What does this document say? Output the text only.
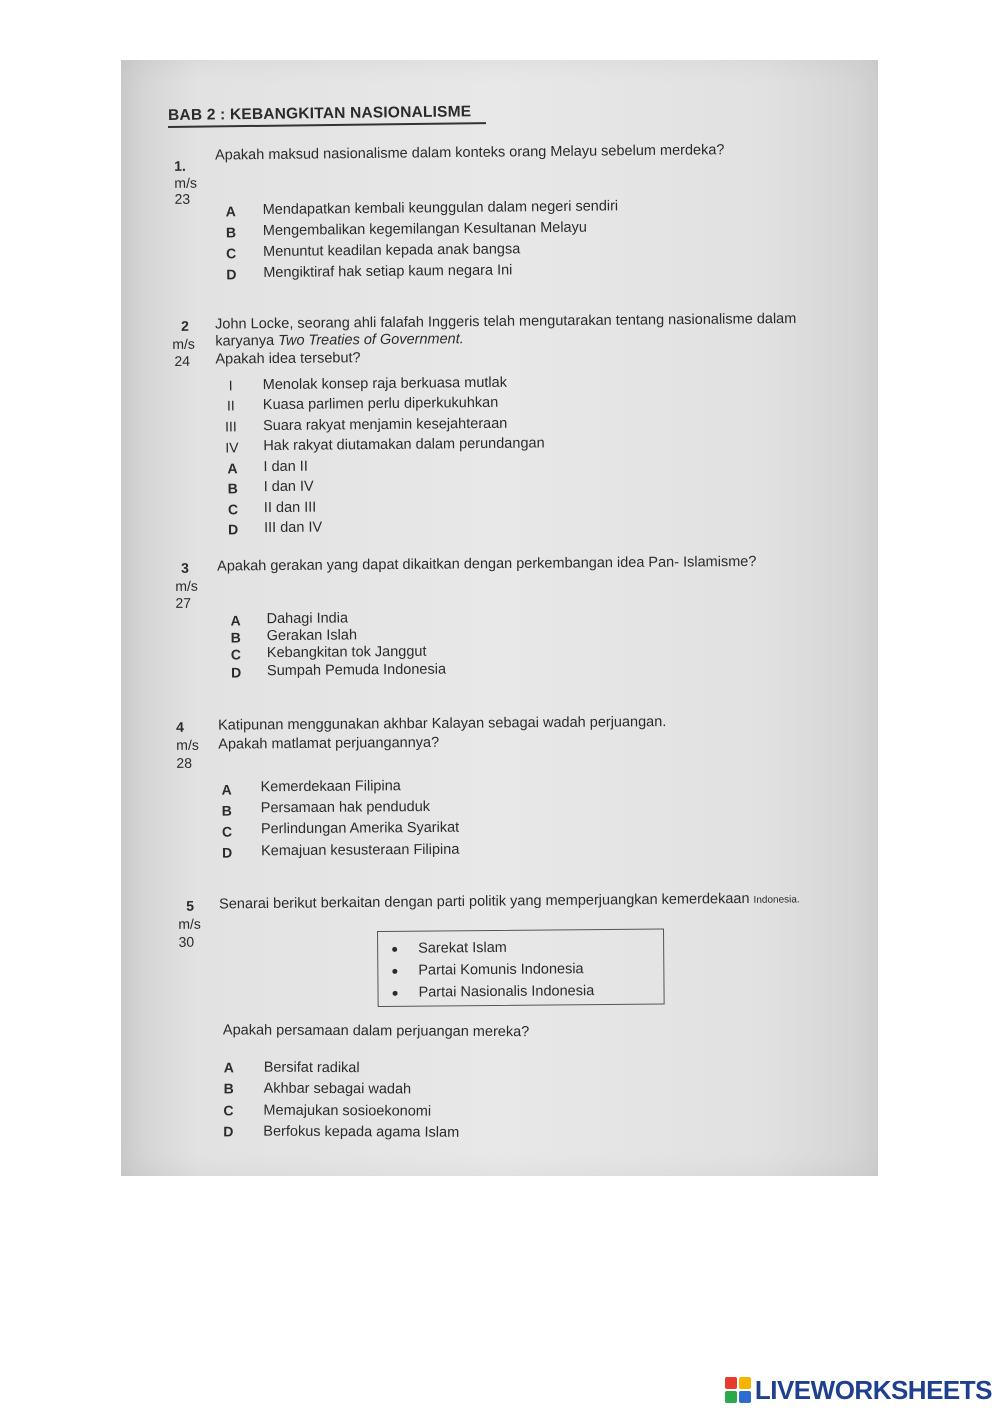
BAB 2 : KEBANGKITAN NASIONALISME
1.
m/s
23
Apakah maksud nasionalisme dalam konteks orang Melayu sebelum merdeka?
A	Mendapatkan kembali keunggulan dalam negeri sendiri
B	Mengembalikan kegemilangan Kesultanan Melayu
C	Menuntut keadilan kepada anak bangsa
D	Mengiktiraf hak setiap kaum negara Ini
2
m/s
24
John Locke, seorang ahli falafah Inggeris telah mengutarakan tentang nasionalisme dalam
karyanya Two Treaties of Government.
Apakah idea tersebut?
I	Menolak konsep raja berkuasa mutlak
II	Kuasa parlimen perlu diperkukuhkan
III	Suara rakyat menjamin kesejahteraan
IV	Hak rakyat diutamakan dalam perundangan
A	I dan II
B	I dan IV
C	II dan III
D	III dan IV
3
m/s
27
Apakah gerakan yang dapat dikaitkan dengan perkembangan idea Pan- Islamisme?
A	Dahagi India
B	Gerakan Islah
C	Kebangkitan tok Janggut
D	Sumpah Pemuda Indonesia
4
m/s
28
Katipunan menggunakan akhbar Kalayan sebagai wadah perjuangan.
Apakah matlamat perjuangannya?
A	Kemerdekaan Filipina
B	Persamaan hak penduduk
C	Perlindungan Amerika Syarikat
D	Kemajuan kesusteraan Filipina
5
m/s
30
Senarai berikut berkaitan dengan parti politik yang memperjuangkan kemerdekaan Indonesia.
Sarekat Islam
Partai Komunis Indonesia
Partai Nasionalis Indonesia
Apakah persamaan dalam perjuangan mereka?
A	Bersifat radikal
B	Akhbar sebagai wadah
C	Memajukan sosioekonomi
D	Berfokus kepada agama Islam
LIVEWORKSHEETS
